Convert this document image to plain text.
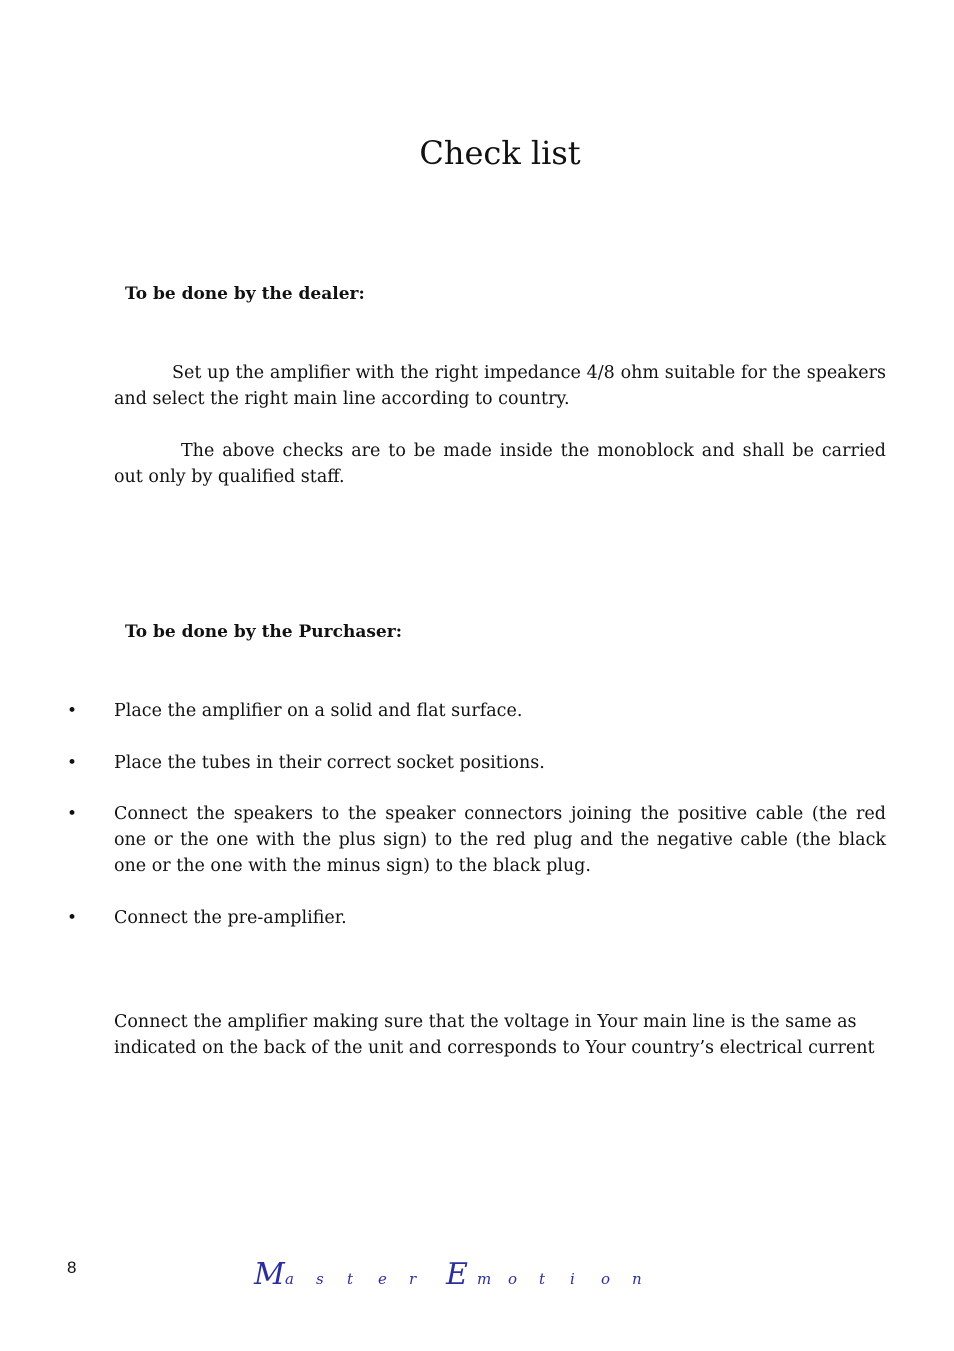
Check list
To be done by the dealer:

Set up the amplifier with the right impedance 4/8 ohm suitable for the speakers and select the right main line according to country.

The above checks are to be made inside the monoblock and shall be carried out only by qualified staff.

To be done by the Purchaser:
• Place the amplifier on a solid and flat surface.
• Place the tubes in their correct socket positions.
• Connect the speakers to the speaker connectors joining the positive cable (the red one or the one with the plus sign) to the red plug and the negative cable (the black one or the one with the minus sign) to the black plug.
• Connect the pre-amplifier.

Connect the amplifier making sure that the voltage in Your main line is the same as indicated on the back of the unit and corresponds to Your country’s electrical current

8	M a s t e r E m o t i o n
